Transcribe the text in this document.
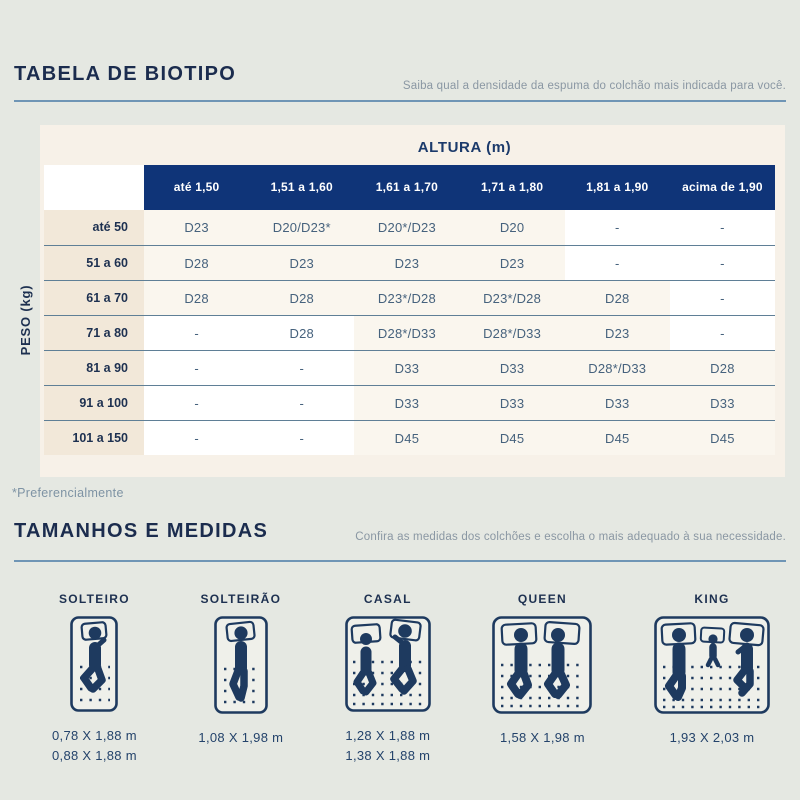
TABELA DE BIOTIPO
Saiba qual a densidade da espuma do colchão mais indicada para você.
PESO (kg)
ALTURA (m)
até 1,50	1,51 a 1,60	1,61 a 1,70	1,71 a 1,80	1,81 a 1,90	acima de 1,90
até 50	D23	D20/D23*	D20*/D23	D20	-	-
51 a 60	D28	D23	D23	D23	-	-
61 a 70	D28	D28	D23*/D28	D23*/D28	D28	-
71 a 80	-	D28	D28*/D33	D28*/D33	D23	-
81 a 90	-	-	D33	D33	D28*/D33	D28
91 a 100	-	-	D33	D33	D33	D33
101 a 150	-	-	D45	D45	D45	D45
*Preferencialmente
TAMANHOS E MEDIDAS	Confira as medidas dos colchões e escolha o mais adequado à sua necessidade.
SOLTEIRO
0,78 X 1,88 m
0,88 X 1,88 m
SOLTEIRÃO
1,08 X 1,98 m
CASAL
1,28 X 1,88 m
1,38 X 1,88 m
QUEEN
1,58 X 1,98 m
KING
1,93 X 2,03 m
